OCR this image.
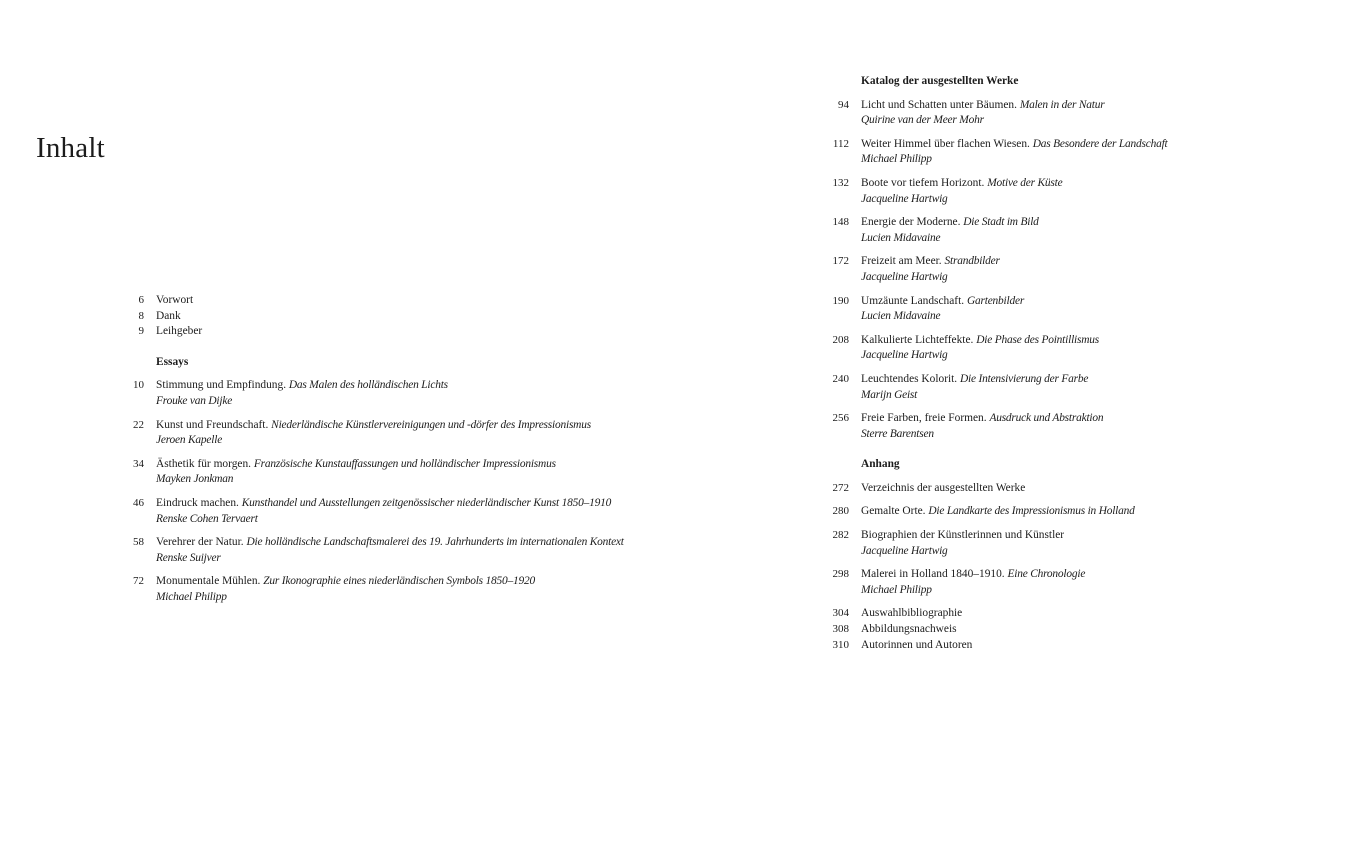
Inhalt
6 Vorwort
8 Dank
9 Leihgeber
Essays
10 Stimmung und Empfindung. Das Malen des holländischen Lichts
Frouke van Dijke
22 Kunst und Freundschaft. Niederländische Künstlervereinigungen und -dörfer des Impressionismus
Jeroen Kapelle
34 Ästhetik für morgen. Französische Kunstauffassungen und holländischer Impressionismus
Mayken Jonkman
46 Eindruck machen. Kunsthandel und Ausstellungen zeitgenössischer niederländischer Kunst 1850–1910
Renske Cohen Tervaert
58 Verehrer der Natur. Die holländische Landschaftsmalerei des 19. Jahrhunderts im internationalen Kontext
Renske Suijver
72 Monumentale Mühlen. Zur Ikonographie eines niederländischen Symbols 1850–1920
Michael Philipp
Katalog der ausgestellten Werke
94 Licht und Schatten unter Bäumen. Malen in der Natur
Quirine van der Meer Mohr
112 Weiter Himmel über flachen Wiesen. Das Besondere der Landschaft
Michael Philipp
132 Boote vor tiefem Horizont. Motive der Küste
Jacqueline Hartwig
148 Energie der Moderne. Die Stadt im Bild
Lucien Midavaine
172 Freizeit am Meer. Strandbilder
Jacqueline Hartwig
190 Umzäunte Landschaft. Gartenbilder
Lucien Midavaine
208 Kalkulierte Lichteffekte. Die Phase des Pointillismus
Jacqueline Hartwig
240 Leuchtendes Kolorit. Die Intensivierung der Farbe
Marijn Geist
256 Freie Farben, freie Formen. Ausdruck und Abstraktion
Sterre Barentsen
Anhang
272 Verzeichnis der ausgestellten Werke
280 Gemalte Orte. Die Landkarte des Impressionismus in Holland
282 Biographien der Künstlerinnen und Künstler
Jacqueline Hartwig
298 Malerei in Holland 1840–1910. Eine Chronologie
Michael Philipp
304 Auswahlbibliographie
308 Abbildungsnachweis
310 Autorinnen und Autoren
